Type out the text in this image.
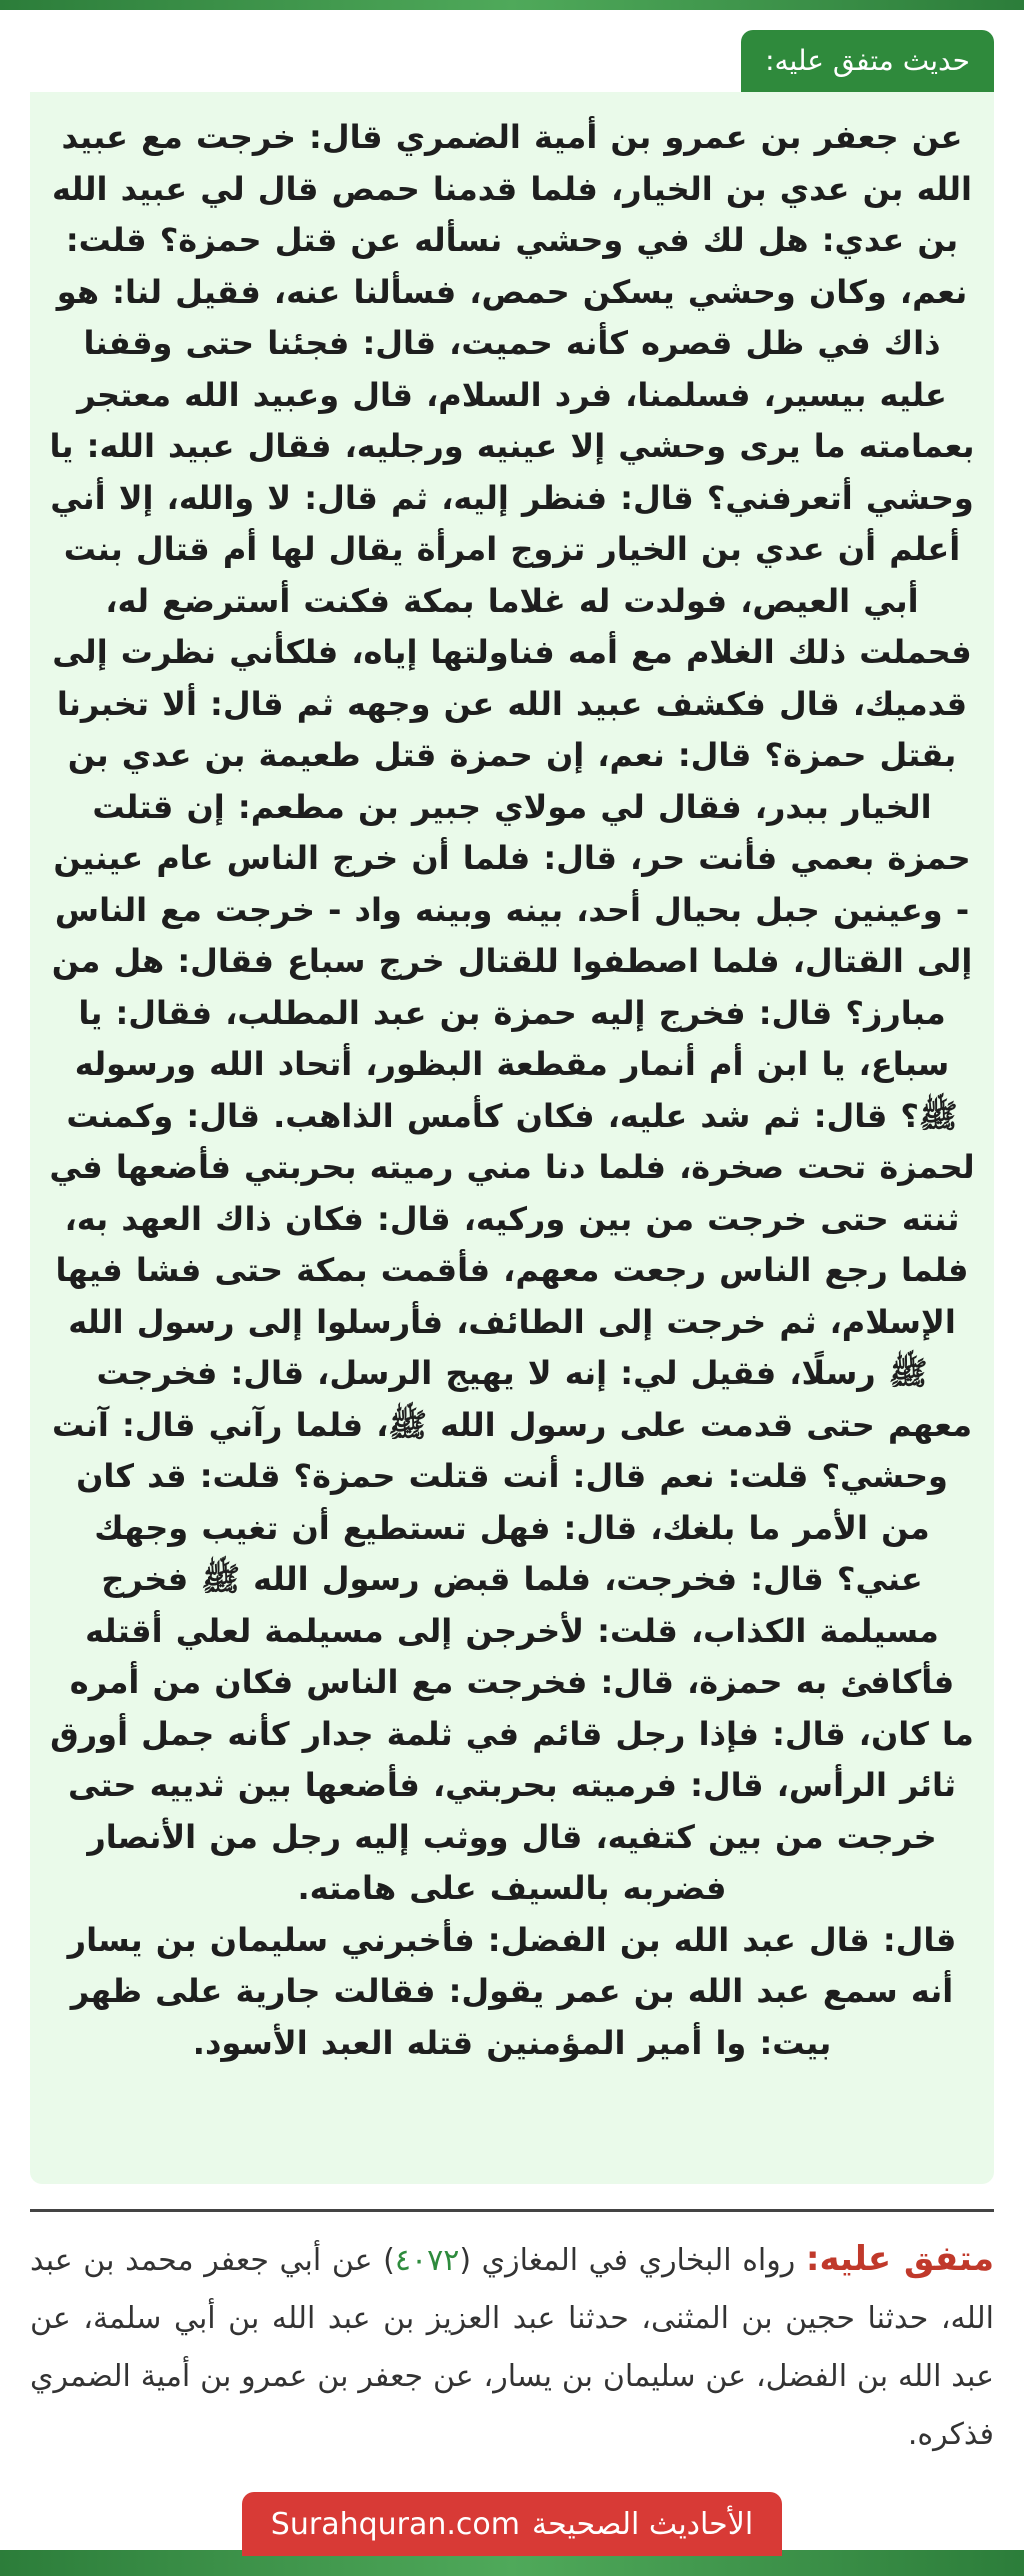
حديث متفق عليه:
عن جعفر بن عمرو بن أمية الضمري قال: خرجت مع عبيد الله بن عدي بن الخيار، فلما قدمنا حمص قال لي عبيد الله بن عدي: هل لك في وحشي نسأله عن قتل حمزة؟ قلت: نعم، وكان وحشي يسكن حمص، فسألنا عنه، فقيل لنا: هو ذاك في ظل قصره كأنه حميت، قال: فجئنا حتى وقفنا عليه بيسير، فسلمنا، فرد السلام، قال وعبيد الله معتجر بعمامته ما يرى وحشي إلا عينيه ورجليه، فقال عبيد الله: يا وحشي أتعرفني؟ قال: فنظر إليه، ثم قال: لا والله، إلا أني أعلم أن عدي بن الخيار تزوج امرأة يقال لها أم قتال بنت أبي العيص، فولدت له غلاما بمكة فكنت أسترضع له، فحملت ذلك الغلام مع أمه فناولتها إياه، فلكأني نظرت إلى قدميك، قال فكشف عبيد الله عن وجهه ثم قال: ألا تخبرنا بقتل حمزة؟ قال: نعم، إن حمزة قتل طعيمة بن عدي بن الخيار ببدر، فقال لي مولاي جبير بن مطعم: إن قتلت حمزة بعمي فأنت حر، قال: فلما أن خرج الناس عام عينين - وعينين جبل بحيال أحد، بينه وبينه واد - خرجت مع الناس إلى القتال، فلما اصطفوا للقتال خرج سباع فقال: هل من مبارز؟ قال: فخرج إليه حمزة بن عبد المطلب، فقال: يا سباع، يا ابن أم أنمار مقطعة البظور، أتحاد الله ورسوله ﷺ؟ قال: ثم شد عليه، فكان كأمس الذاهب. قال: وكمنت لحمزة تحت صخرة، فلما دنا مني رميته بحربتي فأضعها في ثنته حتى خرجت من بين وركيه، قال: فكان ذاك العهد به، فلما رجع الناس رجعت معهم، فأقمت بمكة حتى فشا فيها الإسلام، ثم خرجت إلى الطائف، فأرسلوا إلى رسول الله ﷺ رسلًا، فقيل لي: إنه لا يهيج الرسل، قال: فخرجت معهم حتى قدمت على رسول الله ﷺ، فلما رآني قال: آنت وحشي؟ قلت: نعم قال: أنت قتلت حمزة؟ قلت: قد كان
من الأمر ما بلغك، قال: فهل تستطيع أن تغيب وجهك عني؟ قال: فخرجت، فلما قبض رسول الله ﷺ فخرج مسيلمة الكذاب، قلت: لأخرجن إلى مسيلمة لعلي أقتله فأكافئ به حمزة، قال: فخرجت مع الناس فكان من أمره ما كان، قال: فإذا رجل قائم في ثلمة جدار كأنه جمل أورق ثائر الرأس، قال: فرميته بحربتي، فأضعها بين ثدييه حتى خرجت من بين كتفيه، قال ووثب إليه رجل من الأنصار فضربه بالسيف على هامته.
قال: قال عبد الله بن الفضل: فأخبرني سليمان بن يسار أنه سمع عبد الله بن عمر يقول: فقالت جارية على ظهر بيت: وا أمير المؤمنين قتله العبد الأسود.
متفق عليه: رواه البخاري في المغازي (٤٠٧٢) عن أبي جعفر محمد بن عبد الله، حدثنا حجين بن المثنى، حدثنا عبد العزيز بن عبد الله بن أبي سلمة، عن عبد الله بن الفضل، عن سليمان بن يسار، عن جعفر بن عمرو بن أمية الضمري فذكره.
الأحاديث الصحيحة
Surahquran.com
